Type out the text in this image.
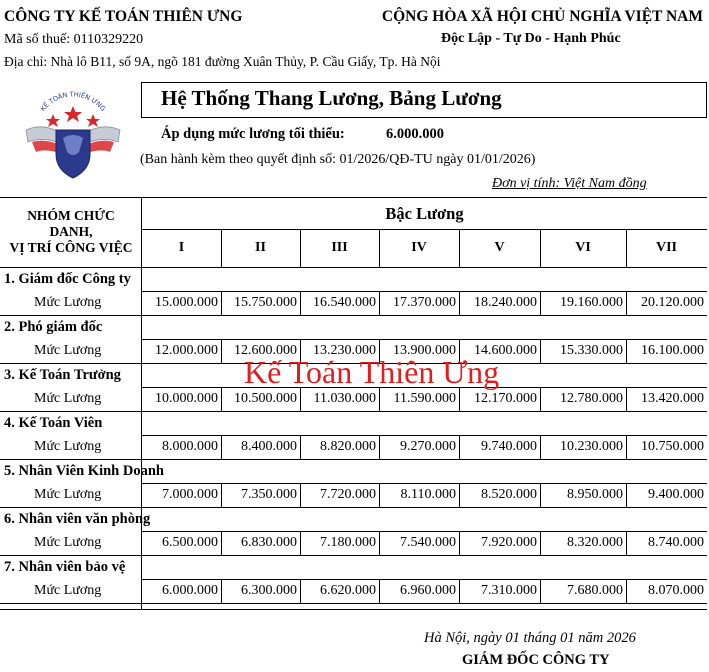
CÔNG TY KẾ TOÁN THIÊN ƯNG
Mã số thuế: 0110329220
Địa chỉ: Nhà lô B11, số 9A, ngõ 181 đường Xuân Thủy, P. Cầu Giấy, Tp. Hà Nội
CỘNG HÒA XÃ HỘI CHỦ NGHĨA VIỆT NAM
Độc Lập - Tự Do - Hạnh Phúc
KẾ TOÁN THIÊN ƯNG	Hệ Thống Thang Lương, Bảng Lương
Áp dụng mức lương tối thiểu:	6.000.000
(Ban hành kèm theo quyết định số: 01/2026/QĐ-TU ngày 01/01/2026)
Đơn vị tính: Việt Nam đồng
NHÓM CHỨC
DANH,
VỊ TRÍ CÔNG VIỆC
Bậc Lương
I	II	III	IV	V	VI	VII
1. Giám đốc Công ty
Mức Lương	15.000.000	15.750.000	16.540.000	17.370.000	18.240.000	19.160.000	20.120.000
2. Phó giám đốc
Mức Lương	12.000.000	12.600.000	13.230.000	13.900.000	14.600.000	15.330.000	16.100.000
3. Kế Toán Trưởng
Mức Lương	10.000.000	10.500.000	11.030.000	11.590.000	12.170.000	12.780.000	13.420.000
4. Kế Toán Viên
Mức Lương	8.000.000	8.400.000	8.820.000	9.270.000	9.740.000	10.230.000	10.750.000
5. Nhân Viên Kinh Doanh
Mức Lương	7.000.000	7.350.000	7.720.000	8.110.000	8.520.000	8.950.000	9.400.000
6. Nhân viên văn phòng
Mức Lương	6.500.000	6.830.000	7.180.000	7.540.000	7.920.000	8.320.000	8.740.000
7. Nhân viên bảo vệ
Mức Lương	6.000.000	6.300.000	6.620.000	6.960.000	7.310.000	7.680.000	8.070.000
Kế Toán Thiên Ưng
Hà Nội, ngày 01 tháng 01 năm 2026
GIÁM ĐỐC CÔNG TY
